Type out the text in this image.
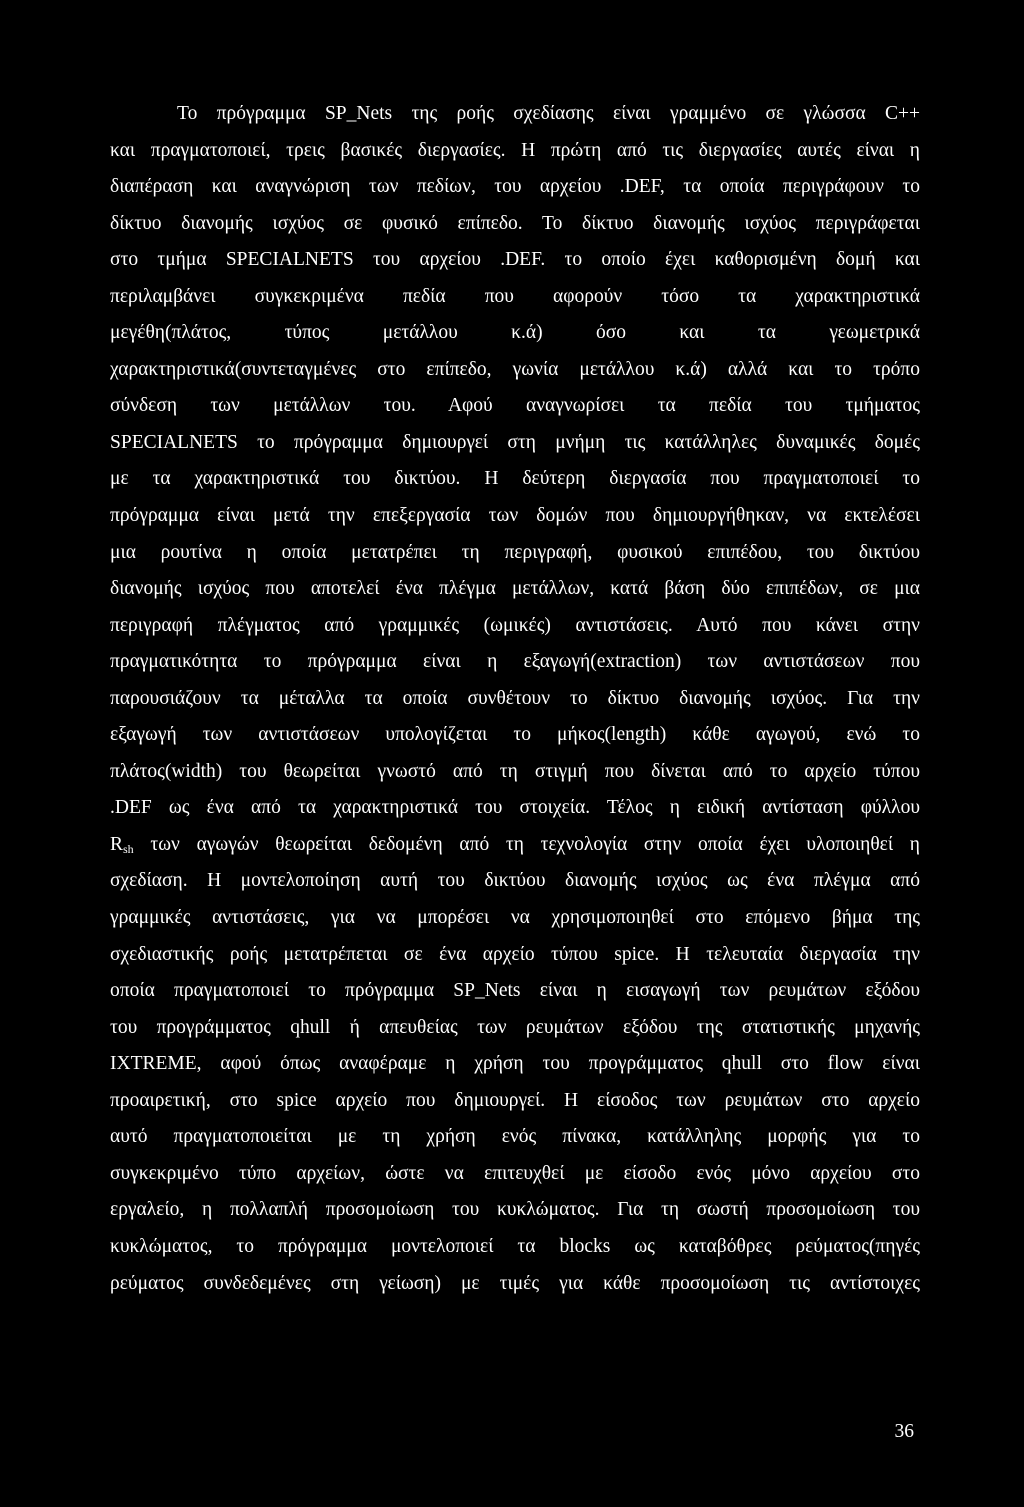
Το πρόγραμμα SP_Nets της ροής σχεδίασης είναι γραμμένο σε γλώσσα C++
και πραγματοποιεί, τρεις βασικές διεργασίες. Η πρώτη από τις διεργασίες αυτές είναι η
διαπέραση και αναγνώριση των πεδίων, του αρχείου .DEF, τα οποία περιγράφουν το
δίκτυο διανομής ισχύος σε φυσικό επίπεδο. Το δίκτυο διανομής ισχύος περιγράφεται
στο τμήμα SPECIALNETS του αρχείου .DEF. το οποίο έχει καθορισμένη δομή και
περιλαμβάνει συγκεκριμένα πεδία που αφορούν τόσο τα χαρακτηριστικά
μεγέθη(πλάτος, τύπος μετάλλου κ.ά) όσο και τα γεωμετρικά
χαρακτηριστικά(συντεταγμένες στο επίπεδο, γωνία μετάλλου κ.ά) αλλά και το τρόπο
σύνδεση των μετάλλων του. Αφού αναγνωρίσει τα πεδία του τμήματος
SPECIALNETS το πρόγραμμα δημιουργεί στη μνήμη τις κατάλληλες δυναμικές δομές
με τα χαρακτηριστικά του δικτύου. Η δεύτερη διεργασία που πραγματοποιεί το
πρόγραμμα είναι μετά την επεξεργασία των δομών που δημιουργήθηκαν, να εκτελέσει
μια ρουτίνα η οποία μετατρέπει τη περιγραφή, φυσικού επιπέδου, του δικτύου
διανομής ισχύος που αποτελεί ένα πλέγμα μετάλλων, κατά βάση δύο επιπέδων, σε μια
περιγραφή πλέγματος από γραμμικές (ωμικές) αντιστάσεις. Αυτό που κάνει στην
πραγματικότητα το πρόγραμμα είναι η εξαγωγή(extraction) των αντιστάσεων που
παρουσιάζουν τα μέταλλα τα οποία συνθέτουν το δίκτυο διανομής ισχύος. Για την
εξαγωγή των αντιστάσεων υπολογίζεται το μήκος(length) κάθε αγωγού, ενώ το
πλάτος(width) του θεωρείται γνωστό από τη στιγμή που δίνεται από το αρχείο τύπου
.DEF ως ένα από τα χαρακτηριστικά του στοιχεία. Τέλος η ειδική αντίσταση φύλλου
$R_{sh}$ των αγωγών θεωρείται δεδομένη από τη τεχνολογία στην οποία έχει υλοποιηθεί η
σχεδίαση. Η μοντελοποίηση αυτή του δικτύου διανομής ισχύος ως ένα πλέγμα από
γραμμικές αντιστάσεις, για να μπορέσει να χρησιμοποιηθεί στο επόμενο βήμα της
σχεδιαστικής ροής μετατρέπεται σε ένα αρχείο τύπου spice. Η τελευταία διεργασία την
οποία πραγματοποιεί το πρόγραμμα SP_Nets είναι η εισαγωγή των ρευμάτων εξόδου
του προγράμματος qhull ή απευθείας των ρευμάτων εξόδου της στατιστικής μηχανής
IXTREME, αφού όπως αναφέραμε η χρήση του προγράμματος qhull στο flow είναι
προαιρετική, στο spice αρχείο που δημιουργεί. Η είσοδος των ρευμάτων στο αρχείο
αυτό πραγματοποιείται με τη χρήση ενός πίνακα, κατάλληλης μορφής για το
συγκεκριμένο τύπο αρχείων, ώστε να επιτευχθεί με είσοδο ενός μόνο αρχείου στο
εργαλείο, η πολλαπλή προσομοίωση του κυκλώματος. Για τη σωστή προσομοίωση του
κυκλώματος, το πρόγραμμα μοντελοποιεί τα blocks ως καταβόθρες ρεύματος(πηγές
ρεύματος συνδεδεμένες στη γείωση) με τιμές για κάθε προσομοίωση τις αντίστοιχες
36
